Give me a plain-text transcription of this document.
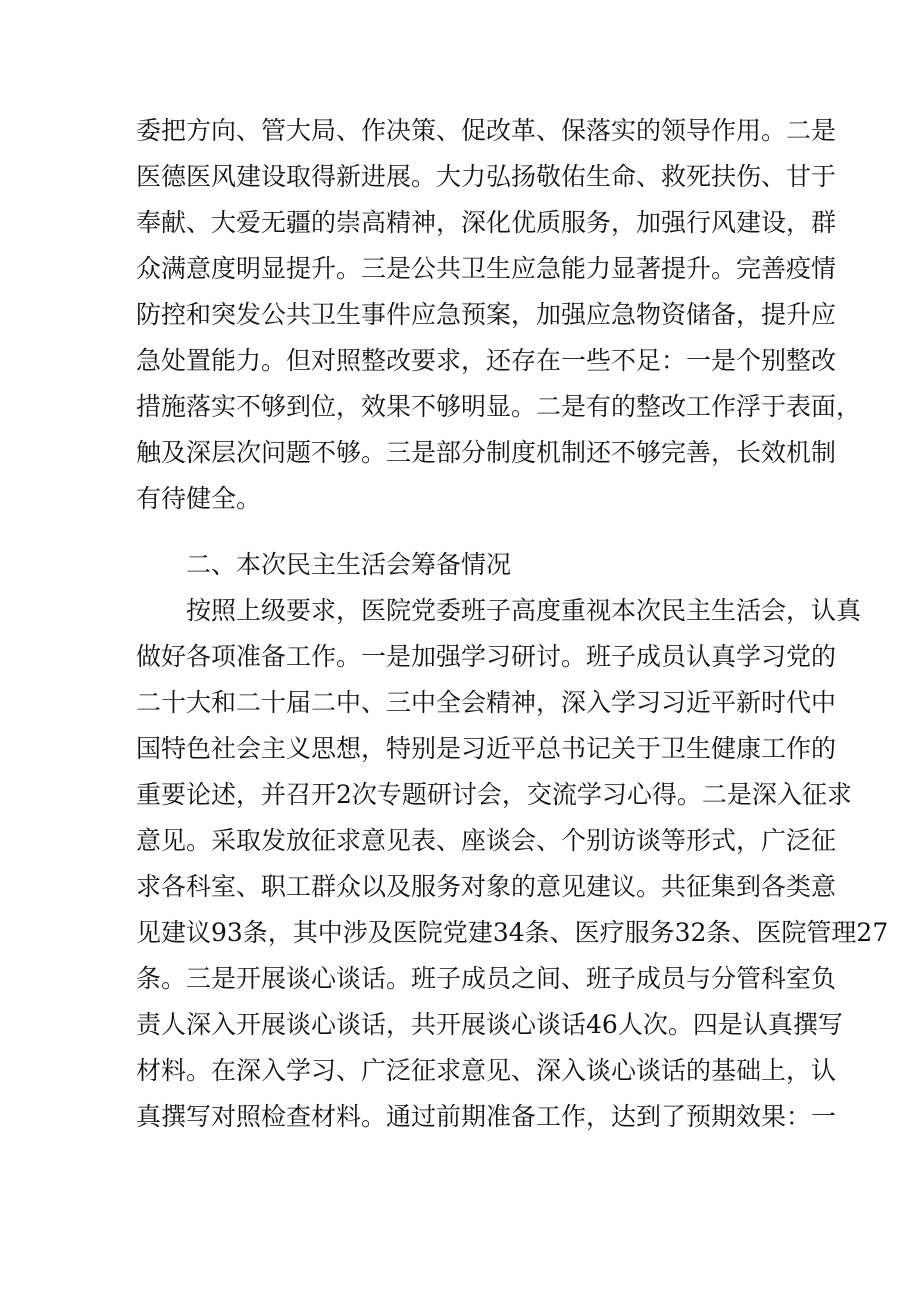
委把方向、管大局、作决策、促改革、保落实的领导作用。二是
医德医风建设取得新进展。大力弘扬敬佑生命、救死扶伤、甘于
奉献、大爱无疆的崇高精神，深化优质服务，加强行风建设，群
众满意度明显提升。三是公共卫生应急能力显著提升。完善疫情
防控和突发公共卫生事件应急预案，加强应急物资储备，提升应
急处置能力。但对照整改要求，还存在一些不足：一是个别整改
措施落实不够到位，效果不够明显。二是有的整改工作浮于表面，
触及深层次问题不够。三是部分制度机制还不够完善，长效机制
有待健全。
二、本次民主生活会筹备情况
按照上级要求，医院党委班子高度重视本次民主生活会，认真
做好各项准备工作。一是加强学习研讨。班子成员认真学习党的
二十大和二十届二中、三中全会精神，深入学习习近平新时代中
国特色社会主义思想，特别是习近平总书记关于卫生健康工作的
重要论述，并召开2次专题研讨会，交流学习心得。二是深入征求
意见。采取发放征求意见表、座谈会、个别访谈等形式，广泛征
求各科室、职工群众以及服务对象的意见建议。共征集到各类意
见建议93条，其中涉及医院党建34条、医疗服务32条、医院管理27
条。三是开展谈心谈话。班子成员之间、班子成员与分管科室负
责人深入开展谈心谈话，共开展谈心谈话46人次。四是认真撰写
材料。在深入学习、广泛征求意见、深入谈心谈话的基础上，认
真撰写对照检查材料。通过前期准备工作，达到了预期效果：一
